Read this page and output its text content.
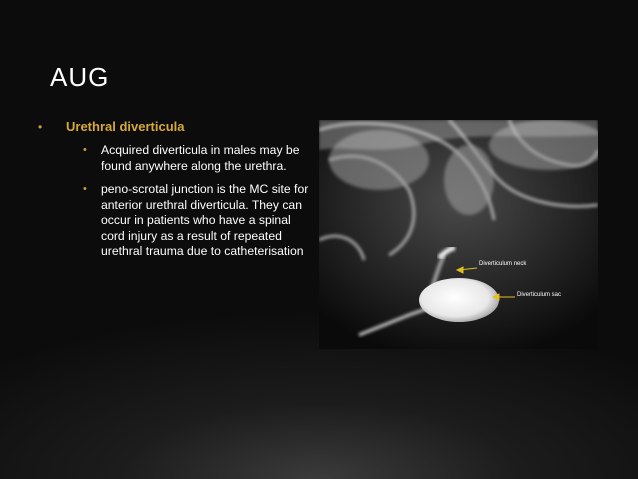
AUG
• Urethral diverticula
• Acquired diverticula in males may be found anywhere along the urethra.
• peno-scrotal junction is the MC site for anterior urethral diverticula. They can occur in patients who have a spinal cord injury as a result of repeated urethral trauma due to catheterisation
Diverticulum neck
Diverticulum sac
